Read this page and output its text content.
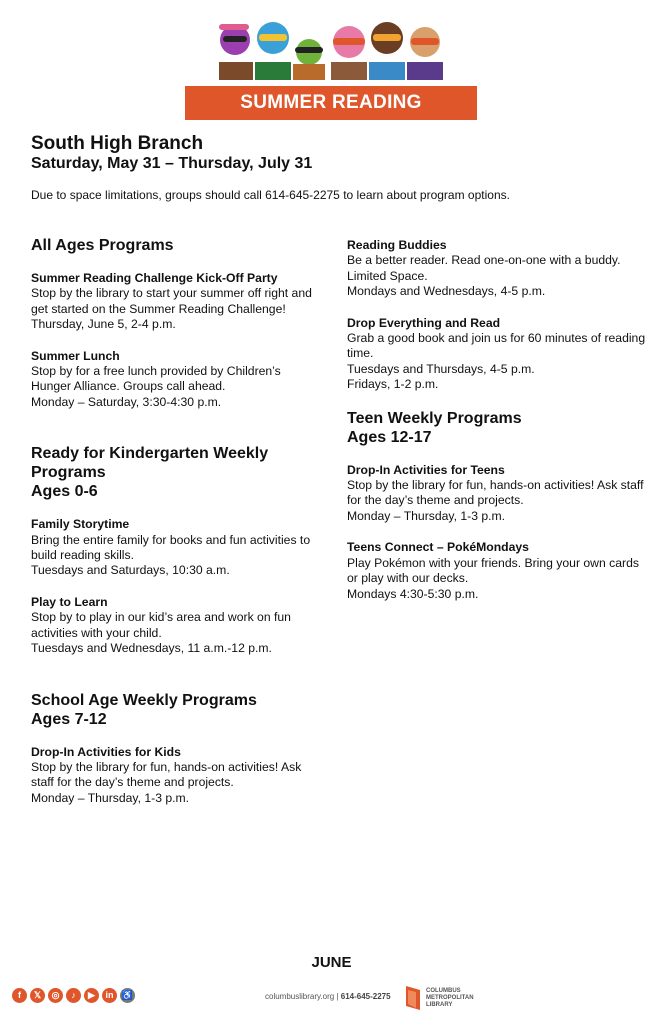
SUMMER READING CHALLENGE
South High Branch
Saturday, May 31 – Thursday, July 31
Due to space limitations, groups should call 614-645-2275 to learn about program options.
All Ages Programs

Summer Reading Challenge Kick-Off Party

Stop by the library to start your summer off right and get started on the Summer Reading Challenge!

Thursday, June 5, 2-4 p.m.

Summer Lunch

Stop by for a free lunch provided by Children’s Hunger Alliance. Groups call ahead.

Monday – Saturday, 3:30-4:30 p.m.

Ready for Kindergarten Weekly Programs
Ages 0-6

Family Storytime

Bring the entire family for books and fun activities to build reading skills.

Tuesdays and Saturdays, 10:30 a.m.

Play to Learn

Stop by to play in our kid’s area and work on fun activities with your child.

Tuesdays and Wednesdays, 11 a.m.-12 p.m.

School Age Weekly Programs
Ages 7-12

Drop-In Activities for Kids

Stop by the library for fun, hands-on activities! Ask staff for the day’s theme and projects.

Monday – Thursday, 1-3 p.m.

Reading Buddies

Be a better reader. Read one-on-one with a buddy. Limited Space.

Mondays and Wednesdays, 4-5 p.m.

Drop Everything and Read

Grab a good book and join us for 60 minutes of reading time.

Tuesdays and Thursdays, 4-5 p.m.

Fridays, 1-2 p.m.

Teen Weekly Programs
Ages 12-17

Drop-In Activities for Teens

Stop by the library for fun, hands-on activities! Ask staff for the day’s theme and projects.

Monday – Thursday, 1-3 p.m.

Teens Connect – PokéMondays

Play Pokémon with your friends. Bring your own cards or play with our decks.

Mondays 4:30-5:30 p.m.

JUNE
f	𝕏	◎	♪	▶	in ♿	columbuslibrary.org | 614-645-2275
COLUMBUS
METROPOLITAN
LIBRARY
